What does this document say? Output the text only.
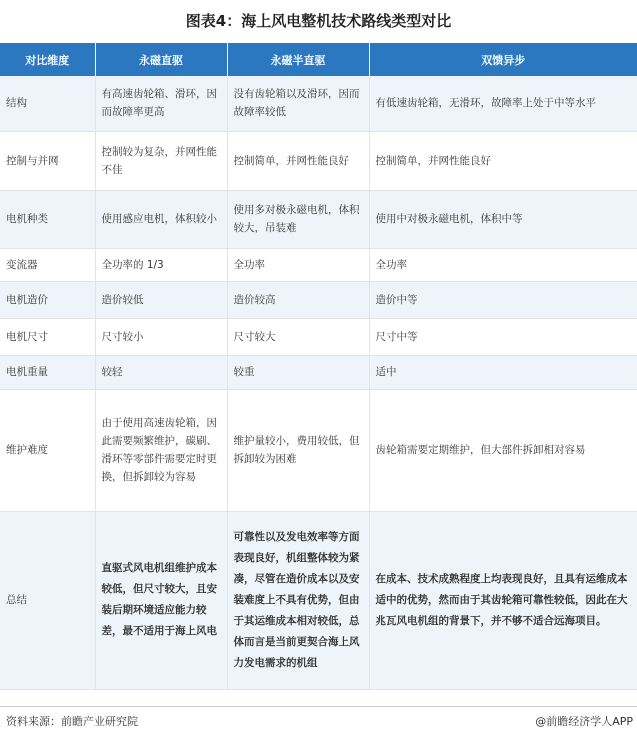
图表4：海上风电整机技术路线类型对比
对比维度	永磁直驱	永磁半直驱	双馈异步
结构	有高速齿轮箱、滑环，因而故障率更高	没有齿轮箱以及滑环，因而故障率较低	有低速齿轮箱，无滑环，故障率上处于中等水平
控制与并网	控制较为复杂，并网性能不佳	控制简单，并网性能良好	控制简单，并网性能良好
电机种类	使用感应电机，体积较小	使用多对极永磁电机，体积较大，吊装难	使用中对极永磁电机，体积中等
变流器	全功率的 1/3	全功率	全功率
电机造价	造价较低	造价较高	造价中等
电机尺寸	尺寸较小	尺寸较大	尺寸中等
电机重量	较轻	较重	适中
维护难度	由于使用高速齿轮箱，因此需要频繁维护，碳刷、滑环等零部件需要定时更换，但拆卸较为容易	维护量较小，费用较低，但拆卸较为困难	齿轮箱需要定期维护，但大部件拆卸相对容易
总结	直驱式风电机组维护成本较低，但尺寸较大，且安装后期环境适应能力较差，最不适用于海上风电	可靠性以及发电效率等方面表现良好，机组整体较为紧凑，尽管在造价成本以及安装难度上不具有优势，但由于其运维成本相对较低，总体而言是当前更契合海上风力发电需求的机组	在成本、技术成熟程度上均表现良好，且具有运维成本适中的优势，然而由于其齿轮箱可靠性较低，因此在大兆瓦风电机组的背景下，并不够不适合远海项目。
资料来源：前瞻产业研究院	@前瞻经济学人APP
